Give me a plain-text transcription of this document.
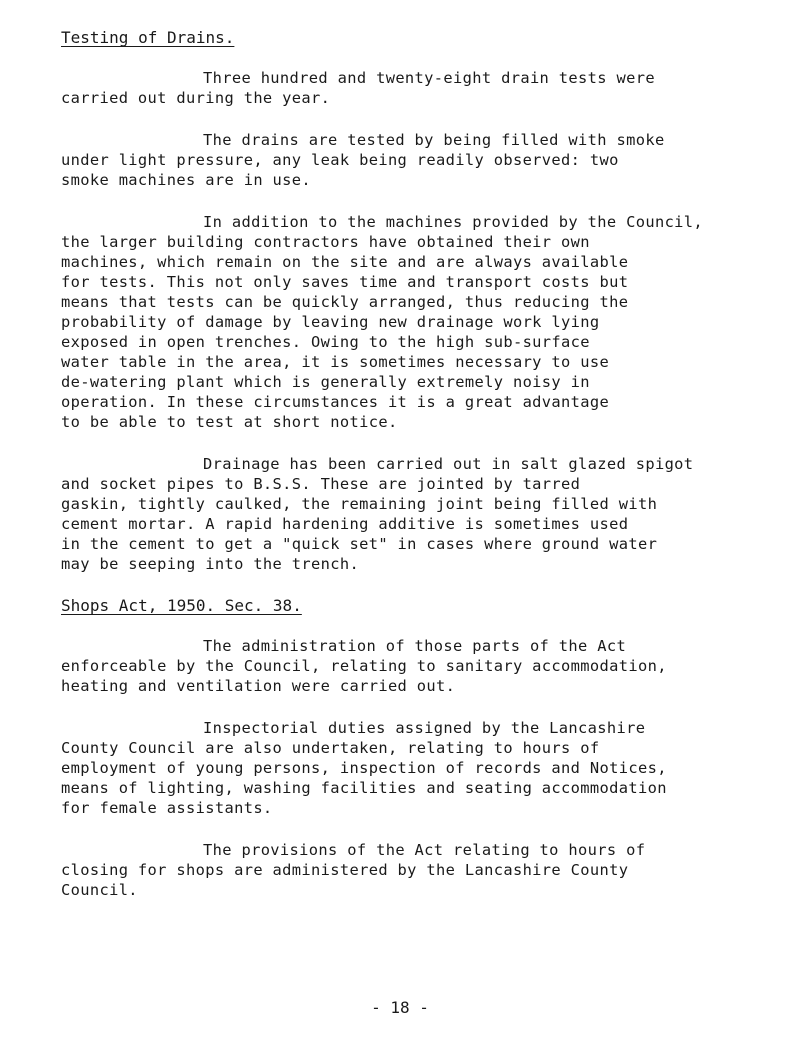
Testing of Drains.
Three hundred and twenty-eight drain tests were
carried out during the year.
The drains are tested by being filled with smoke
under light pressure, any leak being readily observed: two
smoke machines are in use.
In addition to the machines provided by the Council,
the larger building contractors have obtained their own
machines, which remain on the site and are always available
for tests. This not only saves time and transport costs but
means that tests can be quickly arranged, thus reducing the
probability of damage by leaving new drainage work lying
exposed in open trenches. Owing to the high sub-surface
water table in the area, it is sometimes necessary to use
de-watering plant which is generally extremely noisy in
operation. In these circumstances it is a great advantage
to be able to test at short notice.
Drainage has been carried out in salt glazed spigot
and socket pipes to B.S.S. These are jointed by tarred
gaskin, tightly caulked, the remaining joint being filled with
cement mortar. A rapid hardening additive is sometimes used
in the cement to get a "quick set" in cases where ground water
may be seeping into the trench.
Shops Act, 1950. Sec. 38.
The administration of those parts of the Act
enforceable by the Council, relating to sanitary accommodation,
heating and ventilation were carried out.
Inspectorial duties assigned by the Lancashire
County Council are also undertaken, relating to hours of
employment of young persons, inspection of records and Notices,
means of lighting, washing facilities and seating accommodation
for female assistants.
The provisions of the Act relating to hours of
closing for shops are administered by the Lancashire County
Council.
- 18 -
